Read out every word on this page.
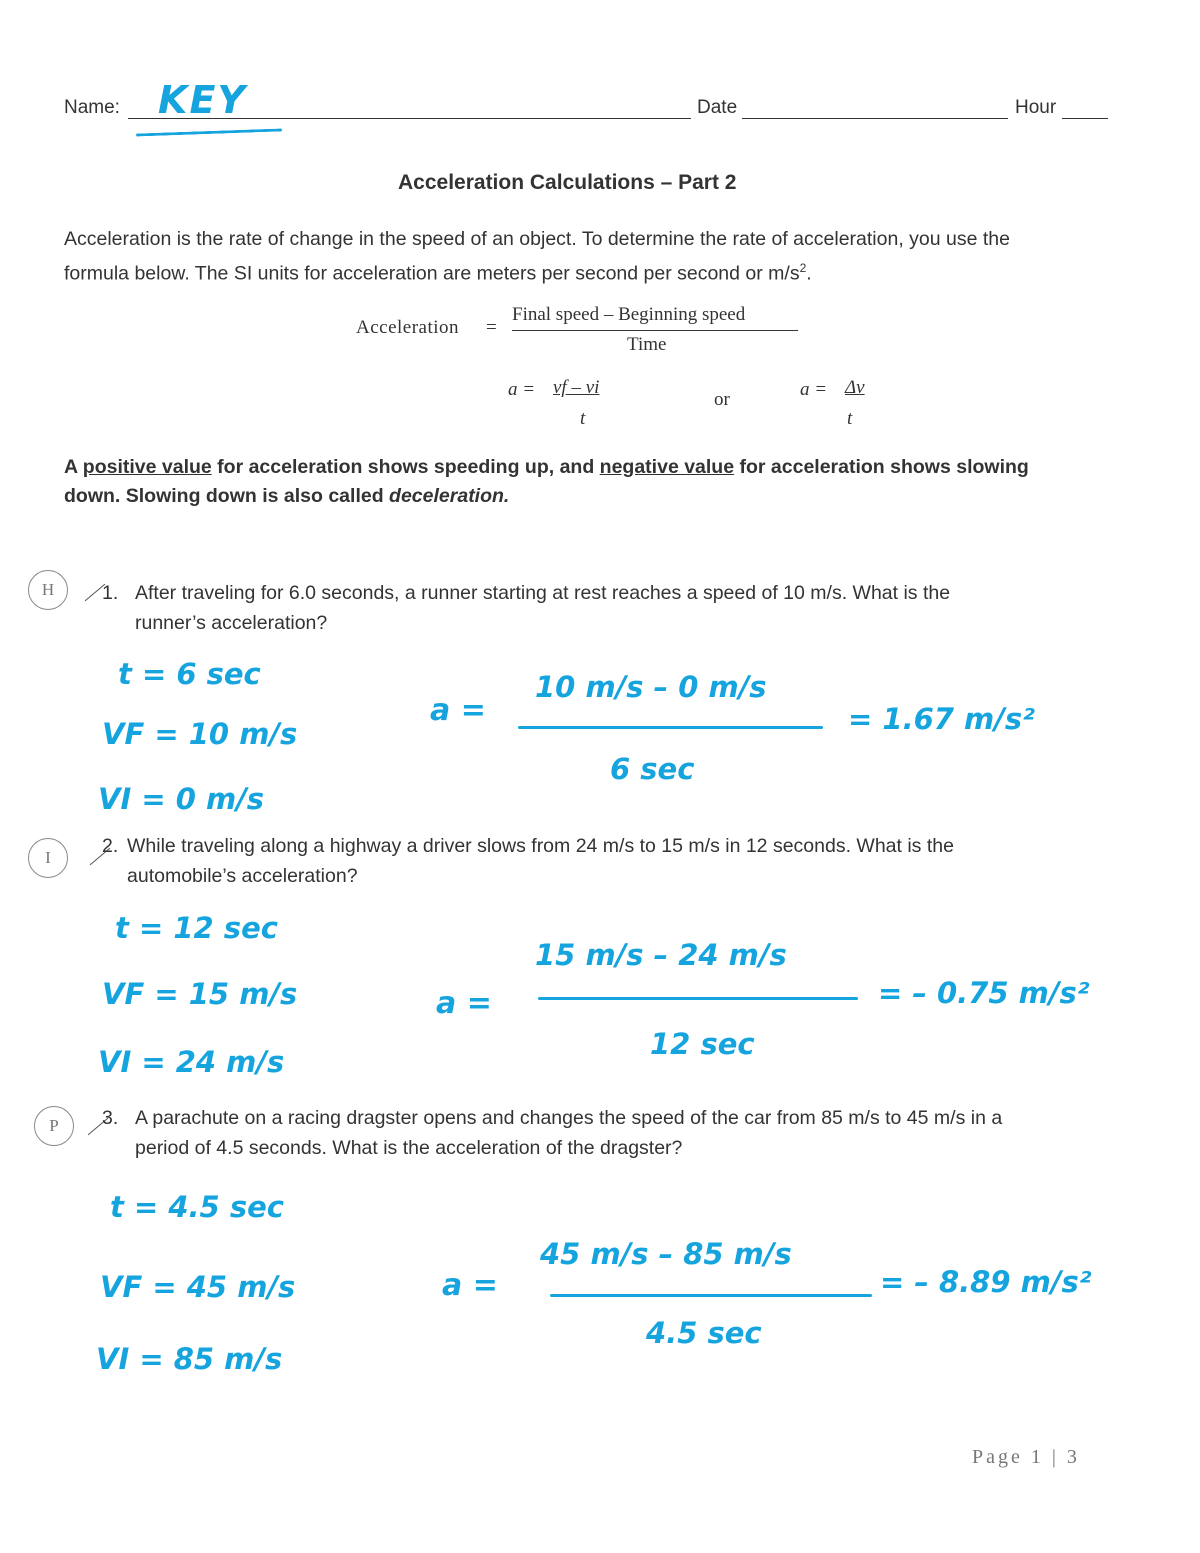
Name: KEY	Date	Hour
Acceleration Calculations – Part 2
Acceleration is the rate of change in the speed of an object. To determine the rate of acceleration, you use the
formula below. The SI units for acceleration are meters per second per second or $m/s^2$.
Acceleration =
Final speed – Beginning speed
Time
a = vf – vi
t
or	a = Δv
t
A positive value for acceleration shows speeding up, and negative value for acceleration shows slowing
down. Slowing down is also called deceleration.
H	1. After traveling for 6.0 seconds, a runner starting at rest reaches a speed of 10 m/s. What is the
runner’s acceleration?
t = 6 sec
VF = 10 m/s
VI = 0 m/s
a =
10 m/s – 0 m/s
6 sec
= 1.67 m/s²
I
2. While traveling along a highway a driver slows from 24 m/s to 15 m/s in 12 seconds. What is the
automobile’s acceleration?
t = 12 sec
VF = 15 m/s
VI = 24 m/s
a =
15 m/s – 24 m/s
12 sec
= – 0.75 m/s²
P	3. A parachute on a racing dragster opens and changes the speed of the car from 85 m/s to 45 m/s in a
period of 4.5 seconds. What is the acceleration of the dragster?
t = 4.5 sec
VF = 45 m/s
VI = 85 m/s
a =
45 m/s – 85 m/s
4.5 sec
= – 8.89 m/s²
Page 1 | 3
